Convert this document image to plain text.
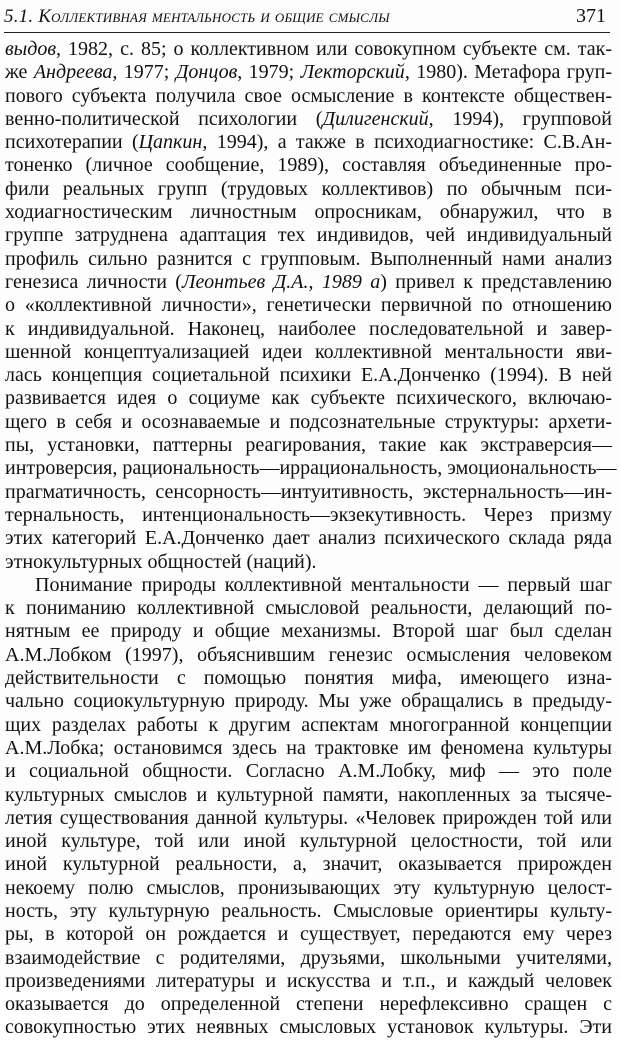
5.1. Коллективная ментальность и общие смыслы	371
выдов, 1982, с. 85; о коллективном или совокупном субъекте см. так-
же Андреева, 1977; Донцов, 1979; Лекторский, 1980). Метафора груп-
пового субъекта получила свое осмысление в контексте обществен-
венно-политической психологии (Дилигенский, 1994), групповой
психотерапии (Цапкин, 1994), а также в психодиагностике: С.В.Ан-
тоненко (личное сообщение, 1989), составляя объединенные про-
фили реальных групп (трудовых коллективов) по обычным пси-
ходиагностическим личностным опросникам, обнаружил, что в
группе затруднена адаптация тех индивидов, чей индивидуальный
профиль сильно разнится с групповым. Выполненный нами анализ
генезиса личности (Леонтьев Д.А., 1989 а) привел к представлению
о «коллективной личности», генетически первичной по отношению
к индивидуальной. Наконец, наиболее последовательной и завер-
шенной концептуализацией идеи коллективной ментальности яви-
лась концепция социетальной психики Е.А.Донченко (1994). В ней
развивается идея о социуме как субъекте психического, включаю-
щего в себя и осознаваемые и подсознательные структуры: архети-
пы, установки, паттерны реагирования, такие как экстраверсия—
интроверсия, рациональность—иррациональность, эмоциональность—
прагматичность, сенсорность—интуитивность, экстернальность—ин-
тернальность, интенциональность—экзекутивность. Через призму
этих категорий Е.А.Донченко дает анализ психического склада ряда
этнокультурных общностей (наций).
Понимание природы коллективной ментальности — первый шаг
к пониманию коллективной смысловой реальности, делающий по-
нятным ее природу и общие механизмы. Второй шаг был сделан
А.М.Лобком (1997), объяснившим генезис осмысления человеком
действительности с помощью понятия мифа, имеющего изна-
чально социокультурную природу. Мы уже обращались в предыду-
щих разделах работы к другим аспектам многогранной концепции
А.М.Лобка; остановимся здесь на трактовке им феномена культуры
и социальной общности. Согласно А.М.Лобку, миф — это поле
культурных смыслов и культурной памяти, накопленных за тысяче-
летия существования данной культуры. «Человек прирожден той или
иной культуре, той или иной культурной целостности, той или
иной культурной реальности, а, значит, оказывается прирожден
некоему полю смыслов, пронизывающих эту культурную целост-
ность, эту культурную реальность. Смысловые ориентиры культу-
ры, в которой он рождается и существует, передаются ему через
взаимодействие с родителями, друзьями, школьными учителями,
произведениями литературы и искусства и т.п., и каждый человек
оказывается до определенной степени нерефлексивно сращен с
совокупностью этих неявных смысловых установок культуры. Эти
